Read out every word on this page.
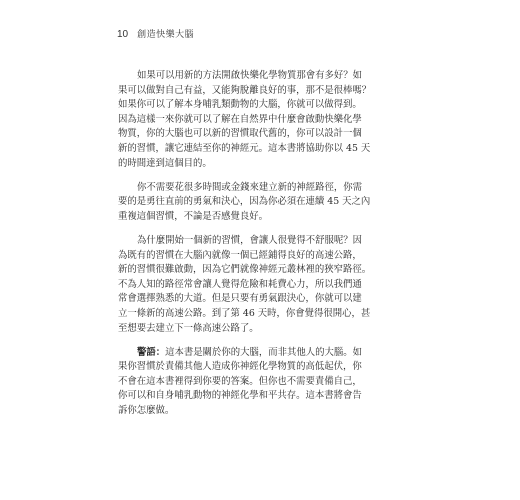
10 創造快樂大腦

如果可以用新的方法開啟快樂化學物質那會有多好？如
果可以做對自己有益，又能夠脫離良好的事，那不是很棒嗎？
如果你可以了解本身哺乳類動物的大腦，你就可以做得到。
因為這樣一來你就可以了解在自然界中什麼會啟動快樂化學
物質，你的大腦也可以新的習慣取代舊的，你可以設計一個
新的習慣，讓它連結至你的神經元。這本書將協助你以 45 天
的時間達到這個目的。

你不需要花很多時間或金錢來建立新的神經路徑，你需
要的是勇往直前的勇氣和決心，因為你必須在連續 45 天之內
重複這個習慣，不論是否感覺良好。

為什麼開始一個新的習慣，會讓人很覺得不舒服呢？因
為既有的習慣在大腦內就像一個已經鋪得良好的高速公路，
新的習慣很難啟動，因為它們就像神經元叢林裡的狹窄路徑。
不為人知的路徑常會讓人覺得危險和耗費心力，所以我們通
常會選擇熟悉的大道。但是只要有勇氣跟決心，你就可以建
立一條新的高速公路。到了第 46 天時，你會覺得很開心，甚
至想要去建立下一條高速公路了。

警語：這本書是關於你的大腦，而非其他人的大腦。如
果你習慣於責備其他人造成你神經化學物質的高低起伏，你
不會在這本書裡得到你要的答案。但你也不需要責備自己，
你可以和自身哺乳動物的神經化學和平共存。這本書將會告
訴你怎麼做。
